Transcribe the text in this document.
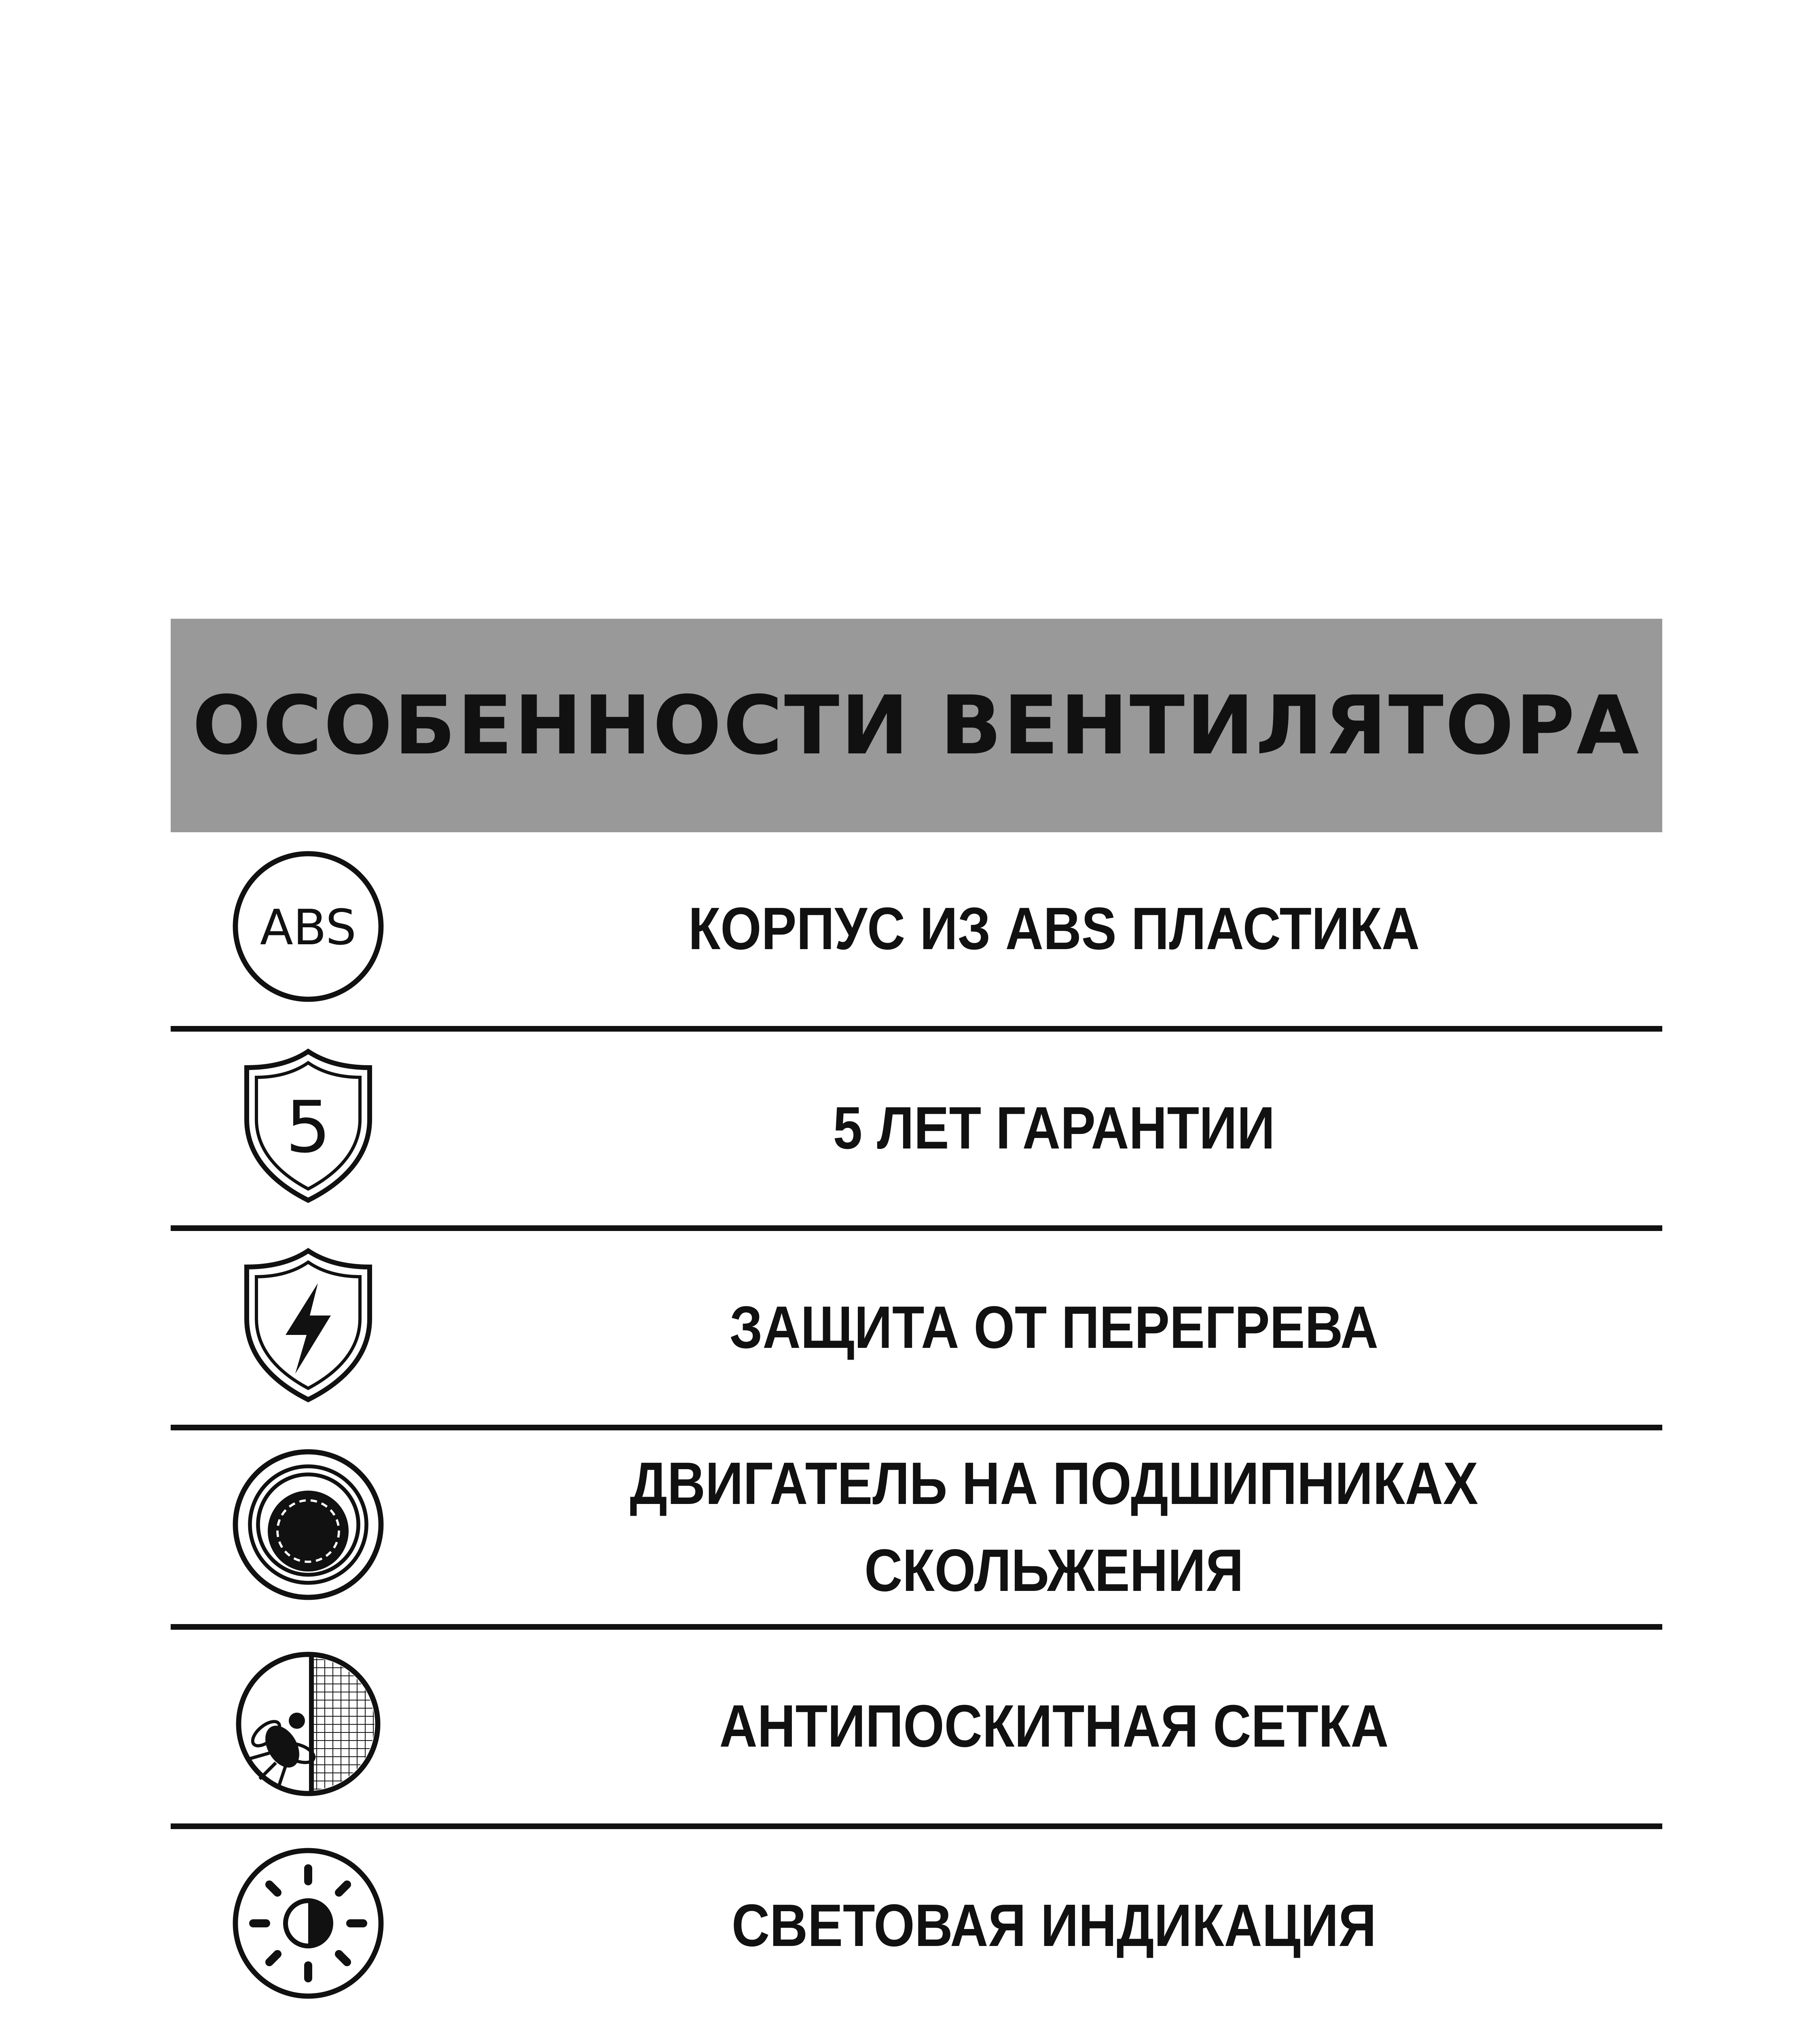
ОСОБЕННОСТИ ВЕНТИЛЯТОРА
ABS	КОРПУС ИЗ ABS ПЛАСТИКА
5	5 ЛЕТ ГАРАНТИИ
ЗАЩИТА ОТ ПЕРЕГРЕВА
ДВИГАТЕЛЬ НА ПОДШИПНИКАХ
СКОЛЬЖЕНИЯ
АНТИПОСКИТНАЯ СЕТКА
СВЕТОВАЯ ИНДИКАЦИЯ
